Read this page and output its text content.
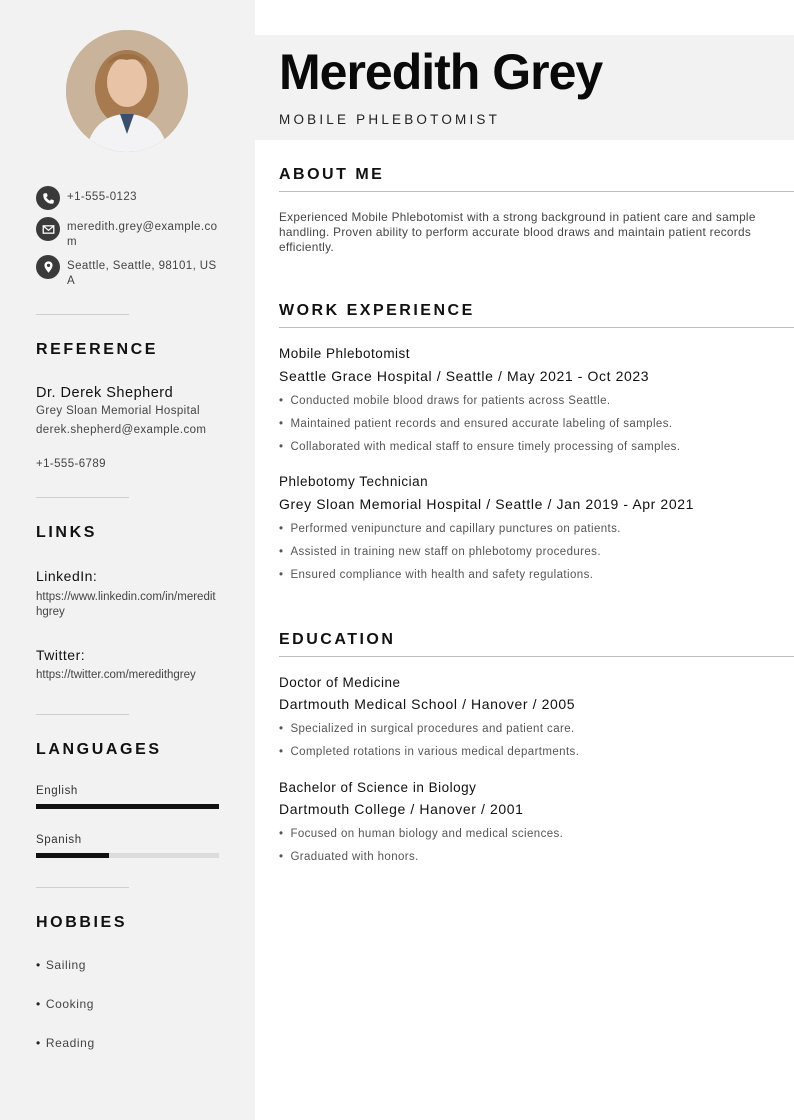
+1-555-0123
meredith.grey@example.com
Seattle, Seattle, 98101, USA
REFERENCE
Dr. Derek Shepherd
Grey Sloan Memorial Hospital
derek.shepherd@example.com
+1-555-6789
LINKS
LinkedIn:
https://www.linkedin.com/in/meredithgrey
Twitter:
https://twitter.com/meredithgrey
LANGUAGES
English
Spanish
HOBBIES
• Sailing
• Cooking
• Reading
Meredith Grey
MOBILE PHLEBOTOMIST
ABOUT ME
Experienced Mobile Phlebotomist with a strong background in patient care and sample handling. Proven ability to perform accurate blood draws and maintain patient records efficiently.
WORK EXPERIENCE
Mobile Phlebotomist
Seattle Grace Hospital / Seattle / May 2021 - Oct 2023
• Conducted mobile blood draws for patients across Seattle.
• Maintained patient records and ensured accurate labeling of samples.
• Collaborated with medical staff to ensure timely processing of samples.
Phlebotomy Technician
Grey Sloan Memorial Hospital / Seattle / Jan 2019 - Apr 2021
• Performed venipuncture and capillary punctures on patients.
• Assisted in training new staff on phlebotomy procedures.
• Ensured compliance with health and safety regulations.
EDUCATION
Doctor of Medicine
Dartmouth Medical School / Hanover / 2005
• Specialized in surgical procedures and patient care.
• Completed rotations in various medical departments.
Bachelor of Science in Biology
Dartmouth College / Hanover / 2001
• Focused on human biology and medical sciences.
• Graduated with honors.
